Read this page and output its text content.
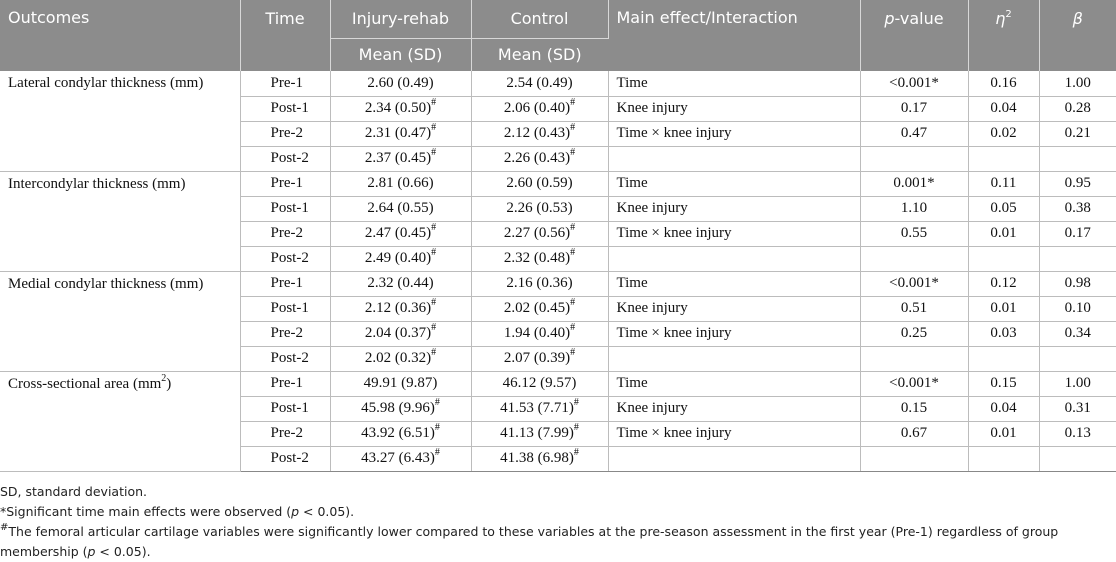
Outcomes	Time	Injury-rehab	Control	Main effect/Interaction	p-value	$\eta^2$	β
		Mean (SD)	Mean (SD)				
Lateral condylar thickness (mm)	Pre-1	2.60 (0.49)	2.54 (0.49)	Time	<0.001*	0.16	1.00
	Post-1	2.34 (0.50)#	2.06 (0.40)#	Knee injury	0.17	0.04	0.28
	Pre-2	2.31 (0.47)#	2.12 (0.43)#	Time × knee injury	0.47	0.02	0.21
	Post-2	2.37 (0.45)#	2.26 (0.43)#				
Intercondylar thickness (mm)	Pre-1	2.81 (0.66)	2.60 (0.59)	Time	0.001*	0.11	0.95
	Post-1	2.64 (0.55)	2.26 (0.53)	Knee injury	1.10	0.05	0.38
	Pre-2	2.47 (0.45)#	2.27 (0.56)#	Time × knee injury	0.55	0.01	0.17
	Post-2	2.49 (0.40)#	2.32 (0.48)#				
Medial condylar thickness (mm)	Pre-1	2.32 (0.44)	2.16 (0.36)	Time	<0.001*	0.12	0.98
	Post-1	2.12 (0.36)#	2.02 (0.45)#	Knee injury	0.51	0.01	0.10
	Pre-2	2.04 (0.37)#	1.94 (0.40)#	Time × knee injury	0.25	0.03	0.34
	Post-2	2.02 (0.32)#	2.07 (0.39)#				
Cross-sectional area $(mm^2)$	Pre-1	49.91 (9.87)	46.12 (9.57)	Time	<0.001*	0.15	1.00
	Post-1	45.98 (9.96)#	41.53 (7.71)#	Knee injury	0.15	0.04	0.31
	Pre-2	43.92 (6.51)#	41.13 (7.99)#	Time × knee injury	0.67	0.01	0.13
	Post-2	43.27 (6.43)#	41.38 (6.98)#				

SD, standard deviation.

*Significant time main effects were observed (p < 0.05).

#The femoral articular cartilage variables were significantly lower compared to these variables at the pre-season assessment in the first year (Pre-1) regardless of group membership (p < 0.05).
